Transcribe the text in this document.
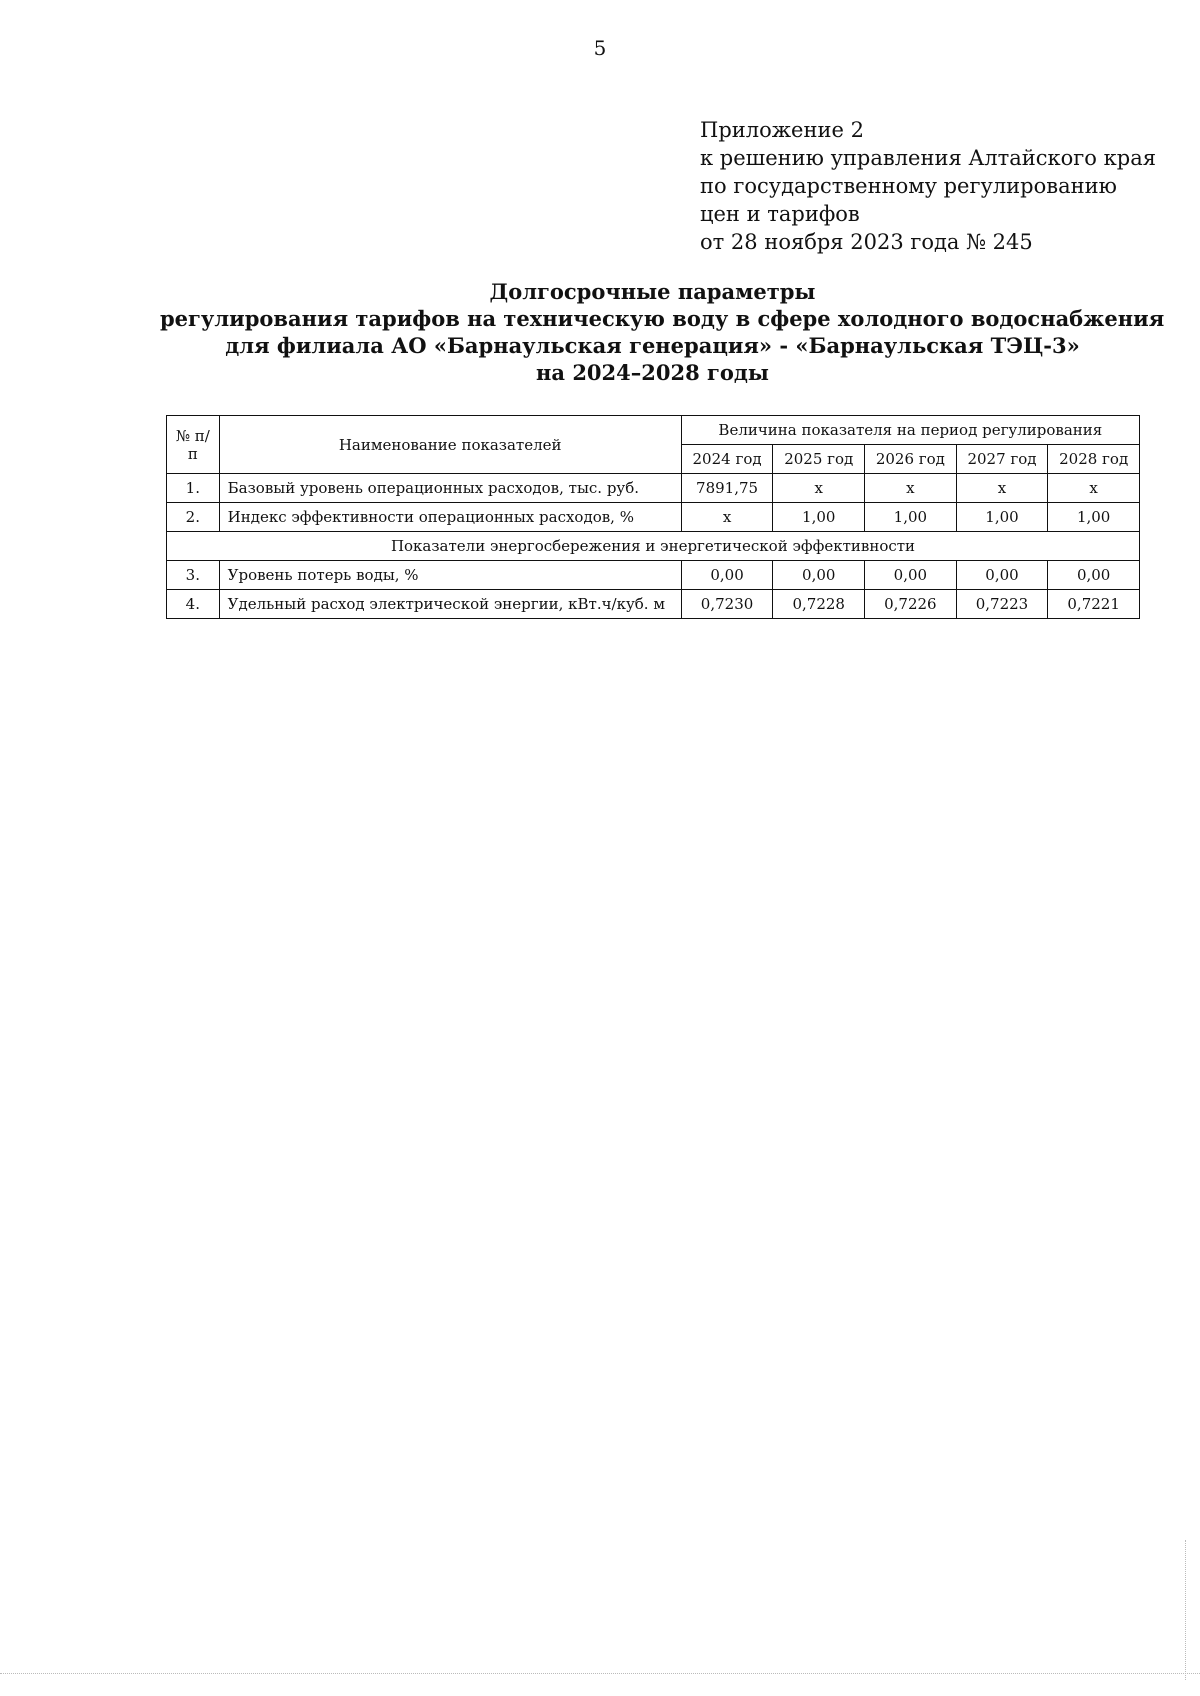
5
Приложение 2
к решению управления Алтайского края
по государственному регулированию
цен и тарифов
от 28 ноября 2023 года № 245
Долгосрочные параметры
регулирования тарифов на техническую воду в сфере холодного водоснабжения
для филиала АО «Барнаульская генерация» - «Барнаульская ТЭЦ-3»
на 2024–2028 годы
№ п/п	Наименование показателей	Величина показателя на период регулирования				
		2024 год	2025 год	2026 год	2027 год	2028 год
1.	Базовый уровень операционных расходов, тыс. руб.	7891,75	х	х	х	х
2.	Индекс эффективности операционных расходов, %	х	1,00	1,00	1,00	1,00
Показатели энергосбережения и энергетической эффективности						
3.	Уровень потерь воды, %	0,00	0,00	0,00	0,00	0,00
4.	Удельный расход электрической энергии, кВт.ч/куб. м	0,7230	0,7228	0,7226	0,7223	0,7221
